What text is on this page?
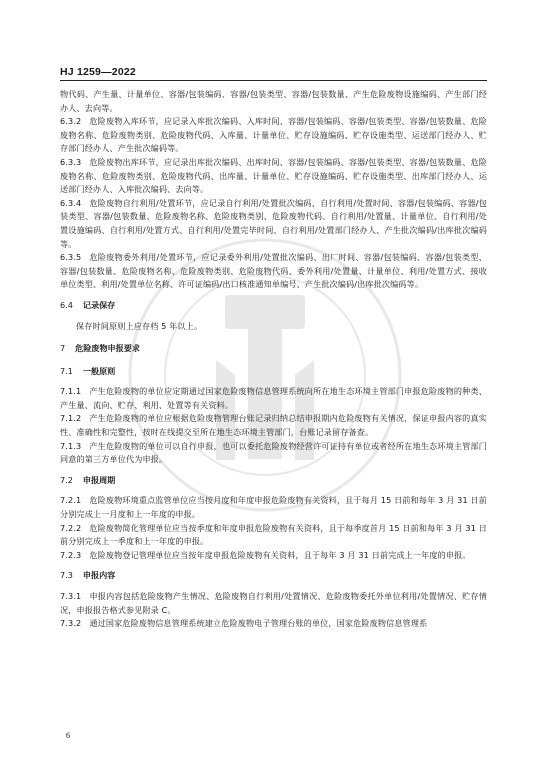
HJ 1259—2022

物代码、产生量、计量单位、容器/包装编码、容器/包装类型、容器/包装数量、产生危险废物设施编码、产生部门经办人、去向等。

6.3.2 危险废物入库环节，应记录入库批次编码、入库时间、容器/包装编码、容器/包装类型、容器/包装数量、危险废物名称、危险废物类别、危险废物代码、入库量、计量单位、贮存设施编码、贮存设施类型、运送部门经办人、贮存部门经办人、产生批次编码等。

6.3.3 危险废物出库环节，应记录出库批次编码、出库时间、容器/包装编码、容器/包装类型、容器/包装数量、危险废物名称、危险废物类别、危险废物代码、出库量、计量单位、贮存设施编码、贮存设施类型、出库部门经办人、运送部门经办人、入库批次编码、去向等。

6.3.4 危险废物自行利用/处置环节，应记录自行利用/处置批次编码、自行利用/处置时间、容器/包装编码、容器/包装类型、容器/包装数量、危险废物名称、危险废物类别、危险废物代码、自行利用/处置量、计量单位、自行利用/处置设施编码、自行利用/处置方式、自行利用/处置完毕时间、自行利用/处置部门经办人、产生批次编码/出库批次编码等。

6.3.5 危险废物委外利用/处置环节，应记录委外利用/处置批次编码、出厂时间、容器/包装编码、容器/包装类型、容器/包装数量、危险废物名称、危险废物类别、危险废物代码、委外利用/处置量、计量单位、利用/处置方式、接收单位类型、利用/处置单位名称、许可证编码/出口核准通知单编号、产生批次编码/出库批次编码等。

6.4 记录保存

保存时间原则上应存档 5 年以上。

7 危险废物申报要求

7.1 一般原则

7.1.1 产生危险废物的单位应定期通过国家危险废物信息管理系统向所在地生态环境主管部门申报危险废物的种类、产生量、流向、贮存、利用、处置等有关资料。

7.1.2 产生危险废物的单位应根据危险废物管理台账记录归纳总结申报期内危险废物有关情况，保证申报内容的真实性、准确性和完整性，按时在线提交至所在地生态环境主管部门，台账记录留存备查。

7.1.3 产生危险废物的单位可以自行申报，也可以委托危险废物经营许可证持有单位或者经所在地生态环境主管部门同意的第三方单位代为申报。

7.2 申报周期

7.2.1 危险废物环境重点监管单位应当按月度和年度申报危险废物有关资料，且于每月 15 日前和每年 3 月 31 日前分别完成上一月度和上一年度的申报。

7.2.2 危险废物简化管理单位应当按季度和年度申报危险废物有关资料，且于每季度首月 15 日前和每年 3 月 31 日前分别完成上一季度和上一年度的申报。

7.2.3 危险废物登记管理单位应当按年度申报危险废物有关资料，且于每年 3 月 31 日前完成上一年度的申报。

7.3 申报内容

7.3.1 申报内容包括危险废物产生情况、危险废物自行利用/处置情况、危险废物委托外单位利用/处置情况、贮存情况，申报报告格式参见附录 C。

7.3.2 通过国家危险废物信息管理系统建立危险废物电子管理台账的单位，国家危险废物信息管理系

6
